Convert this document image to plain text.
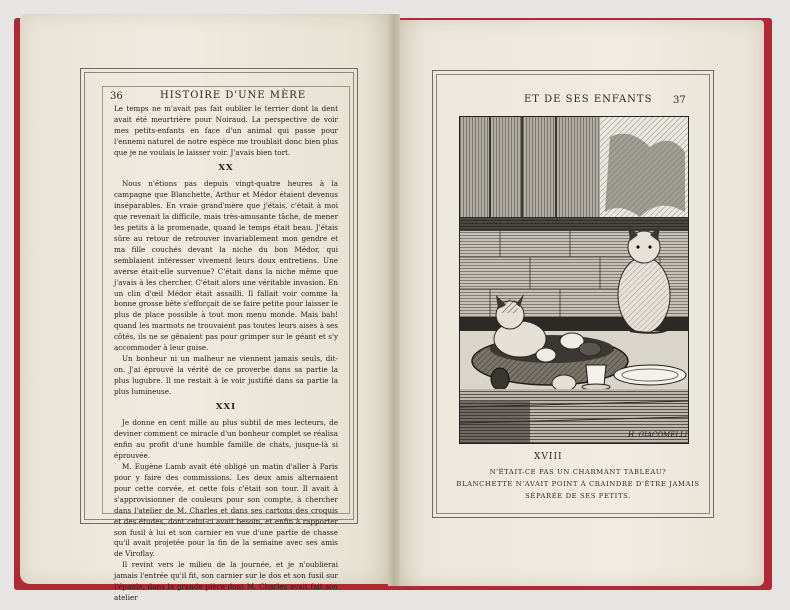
36	HISTOIRE D'UNE MÈRE

Le temps ne m'avait pas fait oublier le terrier dont la dent avait été meurtrière pour Noiraud. La perspective de voir mes petits-enfants en face d'un animal qui passe pour l'ennemi naturel de notre espèce me troublait donc bien plus que je ne voulais le laisser voir. J'avais bien tort.

XX

Nous n'étions pas depuis vingt-quatre heures à la campagne que Blanchette, Arthur et Médor étaient devenus inséparables. En vraie grand'mère que j'étais, c'était à moi que revenait la difficile, mais très-amusante tâche, de mener les petits à la promenade, quand le temps était beau. J'étais sûre au retour de retrouver invariablement mon gendre et ma fille couchés devant la niche du bon Médor, qui semblaient intéresser vivement leurs doux entretiens. Une averse était-elle survenue? C'était dans la niche même que j'avais à les chercher. C'était alors une véritable invasion. En un clin d'œil Médor était assailli. Il fallait voir comme la bonne grosse bête s'efforçait de se faire petite pour laisser le plus de place possible à tout mon menu monde. Mais bah! quand les marmots ne trouvaient pas toutes leurs aises à ses côtés, ils ne se gênaient pas pour grimper sur le géant et s'y accommoder à leur guise.

Un bonheur ni un malheur ne viennent jamais seuls, dit-on. J'ai éprouvé la vérité de ce proverbe dans sa partie la plus lugubre. Il me restait à le voir justifié dans sa partie la plus lumineuse.

XXI

Je donne en cent mille au plus subtil de mes lecteurs, de deviner comment ce miracle d'un bonheur complet se réalisa enfin au profit d'une humble famille de chats, jusque-là si éprouvée.

M. Eugène Lamb avait été obligé un matin d'aller à Paris pour y faire des commissions. Les deux amis alternaient pour cette corvée, et cette fois c'était son tour. Il avait à s'approvisionner de couleurs pour son compte, à chercher dans l'atelier de M. Charles et dans ses cartons des croquis et des études, dont celui-ci avait besoin, et enfin à rapporter son fusil à lui et son carnier en vue d'une partie de chasse qu'il avait projetée pour la fin de la semaine avec ses amis de Viroflay.

Il revint vers le milieu de la journée, et je n'oublierai jamais l'entrée qu'il fit, son carnier sur le dos et son fusil sur l'épaule, dans la grande pièce dont M. Charles avait fait son atelier

ET DE SES ENFANTS 37
H. GIACOMELLI
XVIII
N'ÉTAIT-CE PAS UN CHARMANT TABLEAU?
BLANCHETTE N'AVAIT POINT À CRAINDRE D'ÊTRE JAMAIS
SÉPARÉE DE SES PETITS.
